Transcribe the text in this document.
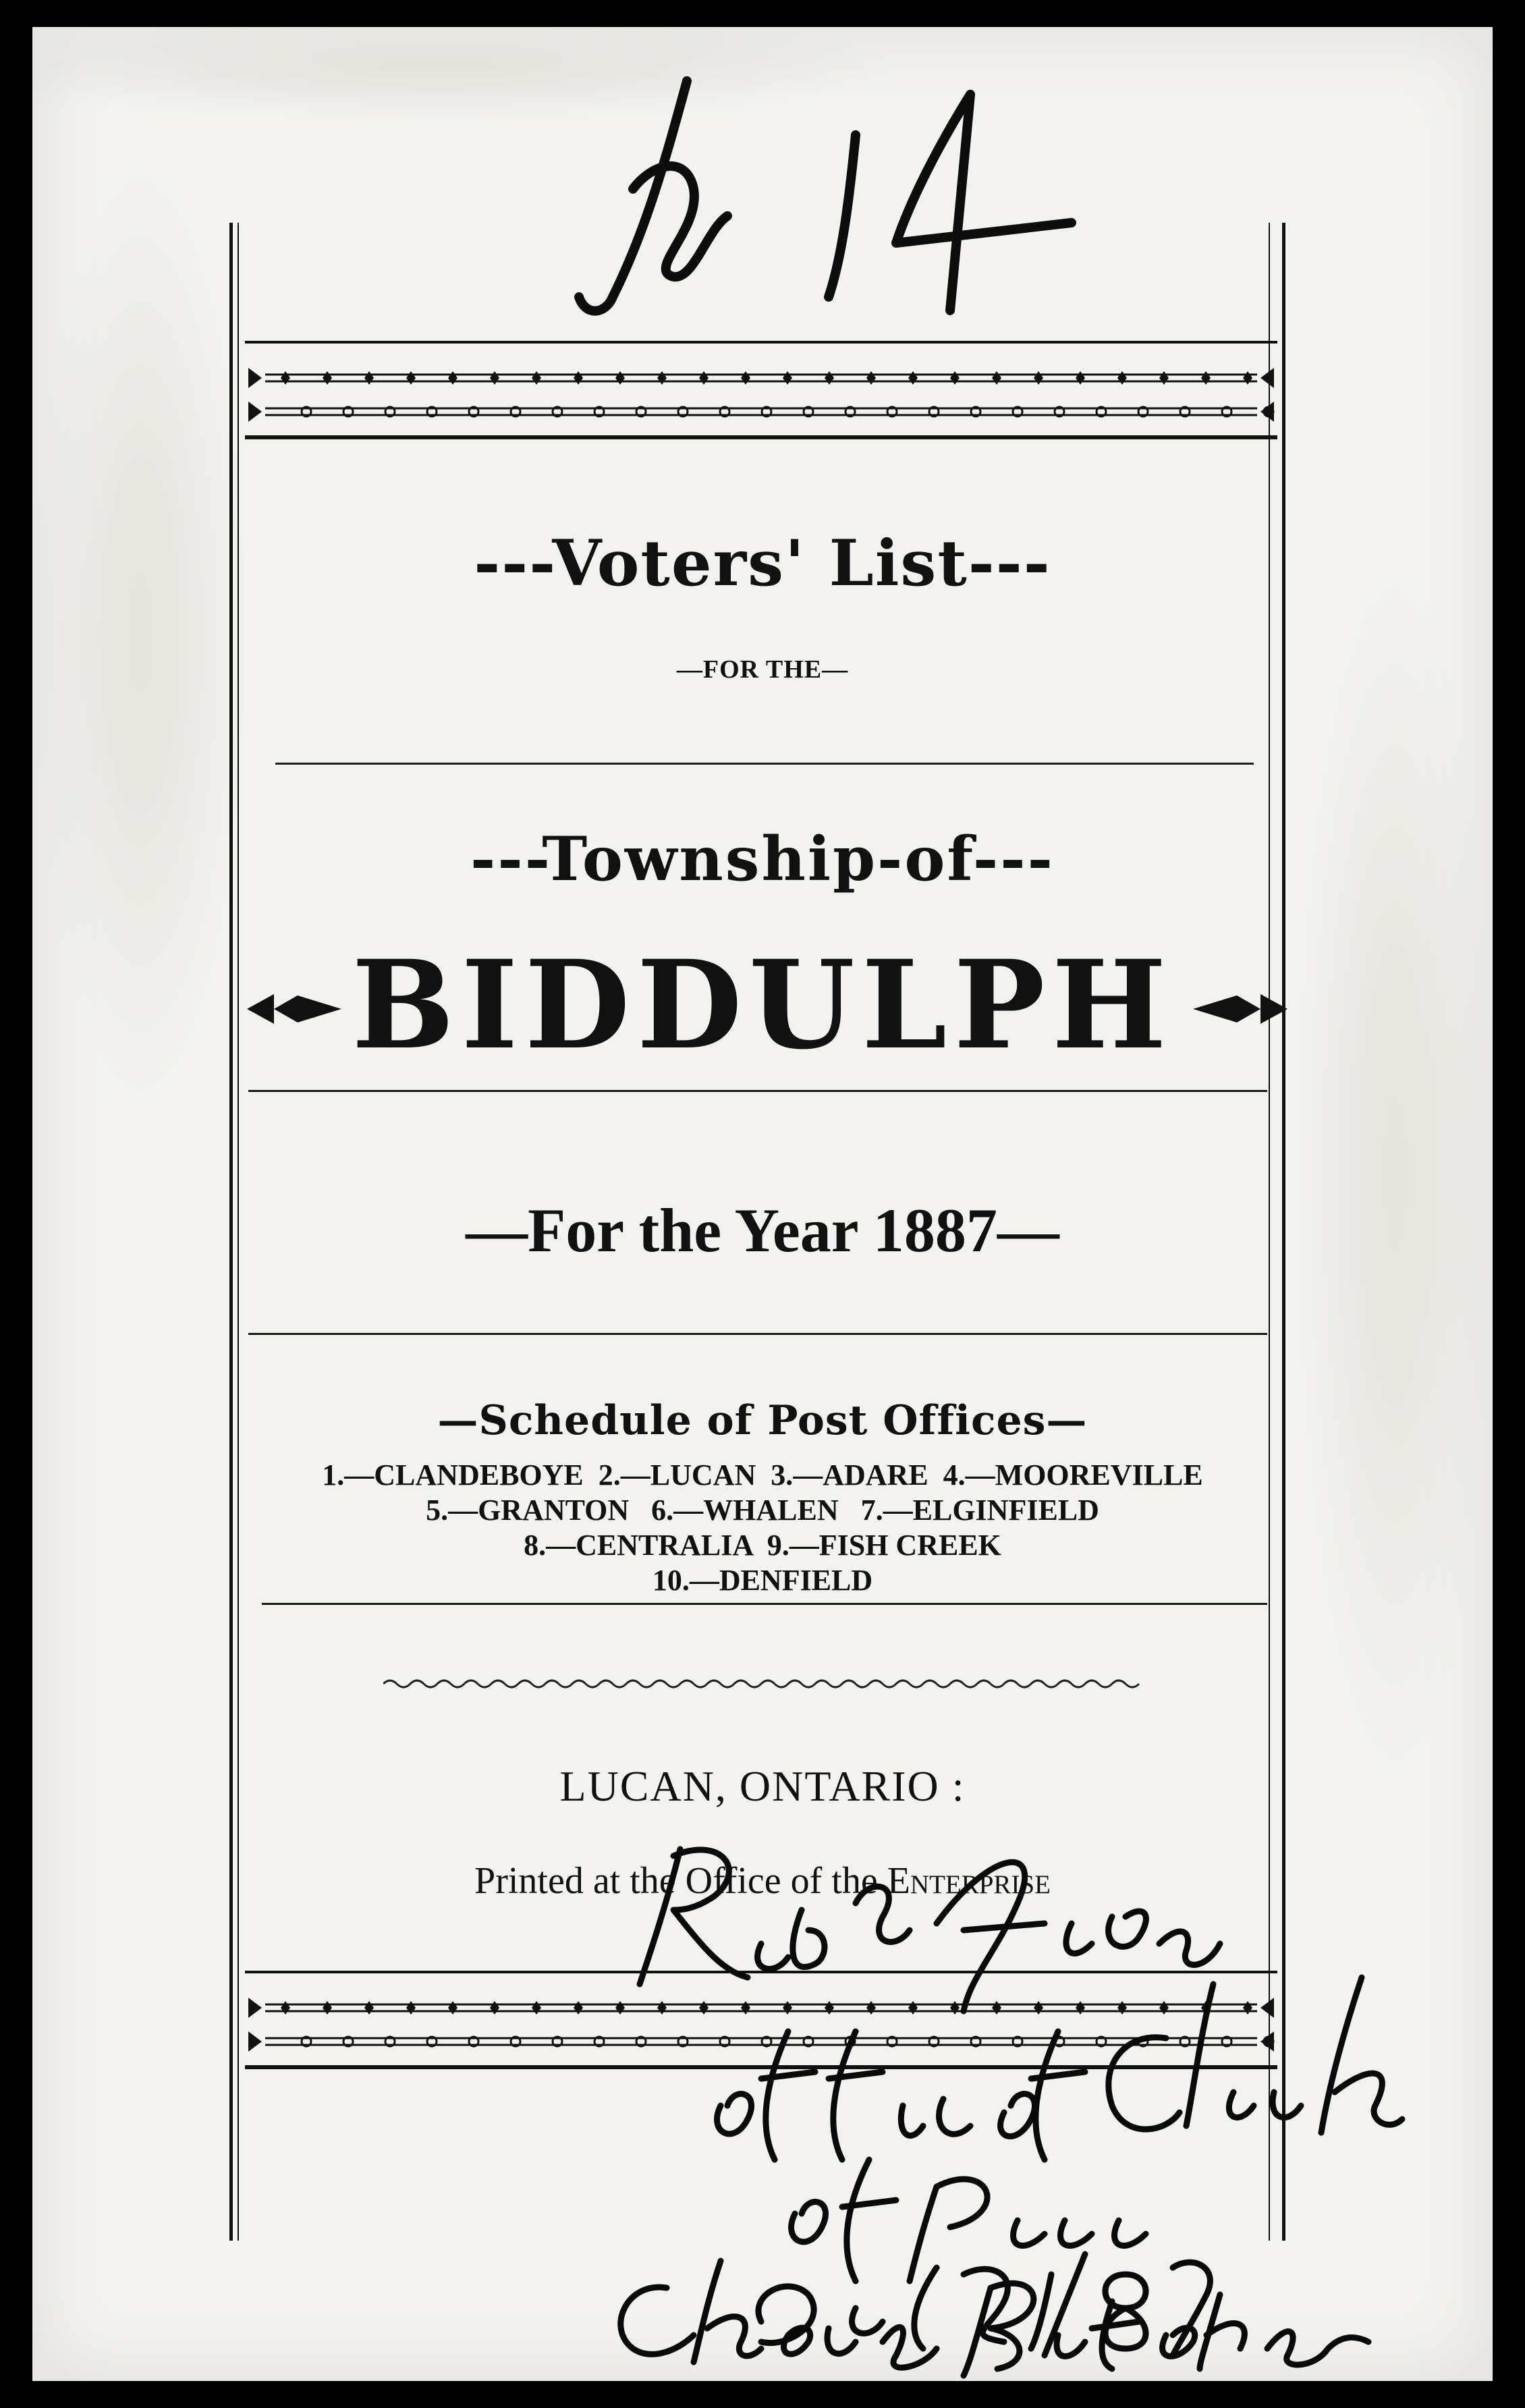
---Voters' List---
—FOR THE—
---Township-of---
BIDDULPH
—For the Year 1887—
—Schedule of Post Offices—
1.—CLANDEBOYE  2.—LUCAN  3.—ADARE  4.—MOOREVILLE
5.—GRANTON   6.—WHALEN   7.—ELGINFIELD
8.—CENTRALIA  9.—FISH CREEK
10.—DENFIELD
LUCAN, ONTARIO :
Printed at the Office of the Enterprise
